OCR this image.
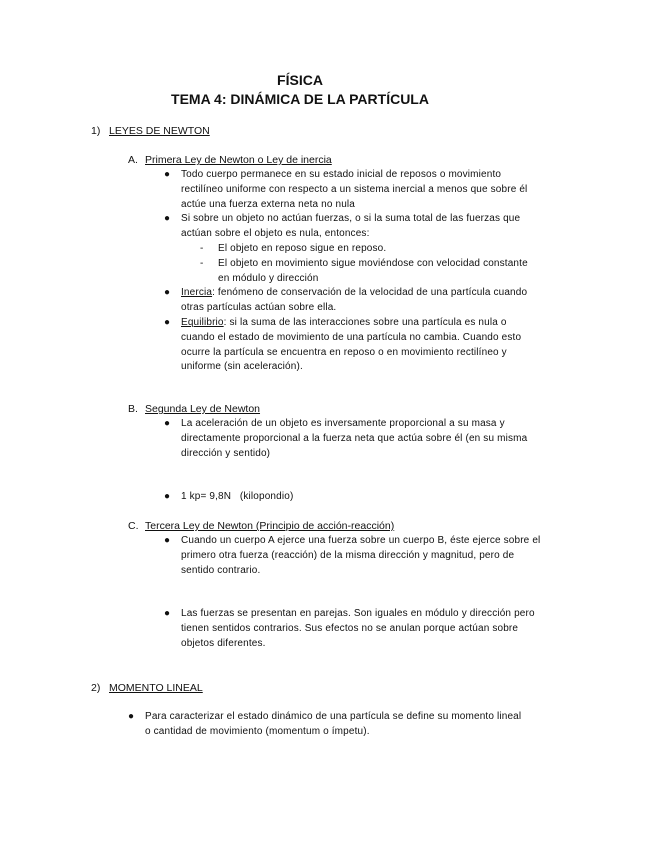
FÍSICA
TEMA 4: DINÁMICA DE LA PARTÍCULA
1) LEYES DE NEWTON
A. Primera Ley de Newton o Ley de inercia
● Todo cuerpo permanece en su estado inicial de reposos o movimiento rectilíneo uniforme con respecto a un sistema inercial a menos que sobre él actúe una fuerza externa neta no nula
● Si sobre un objeto no actúan fuerzas, o si la suma total de las fuerzas que actúan sobre el objeto es nula, entonces:
- El objeto en reposo sigue en reposo.
- El objeto en movimiento sigue moviéndose con velocidad constante en módulo y dirección
● Inercia: fenómeno de conservación de la velocidad de una partícula cuando otras partículas actúan sobre ella.
● Equilibrio: si la suma de las interacciones sobre una partícula es nula o cuando el estado de movimiento de una partícula no cambia. Cuando esto ocurre la partícula se encuentra en reposo o en movimiento rectilíneo y uniforme (sin aceleración).
B. Segunda Ley de Newton
● La aceleración de un objeto es inversamente proporcional a su masa y directamente proporcional a la fuerza neta que actúa sobre él (en su misma dirección y sentido)
● 1 kp= 9,8N   (kilopondio)
C. Tercera Ley de Newton (Principio de acción-reacción)
● Cuando un cuerpo A ejerce una fuerza sobre un cuerpo B, éste ejerce sobre el primero otra fuerza (reacción) de la misma dirección y magnitud, pero de sentido contrario.
● Las fuerzas se presentan en parejas. Son iguales en módulo y dirección pero tienen sentidos contrarios. Sus efectos no se anulan porque actúan sobre objetos diferentes.
2) MOMENTO LINEAL
● Para caracterizar el estado dinámico de una partícula se define su momento lineal o cantidad de movimiento (momentum o ímpetu).
